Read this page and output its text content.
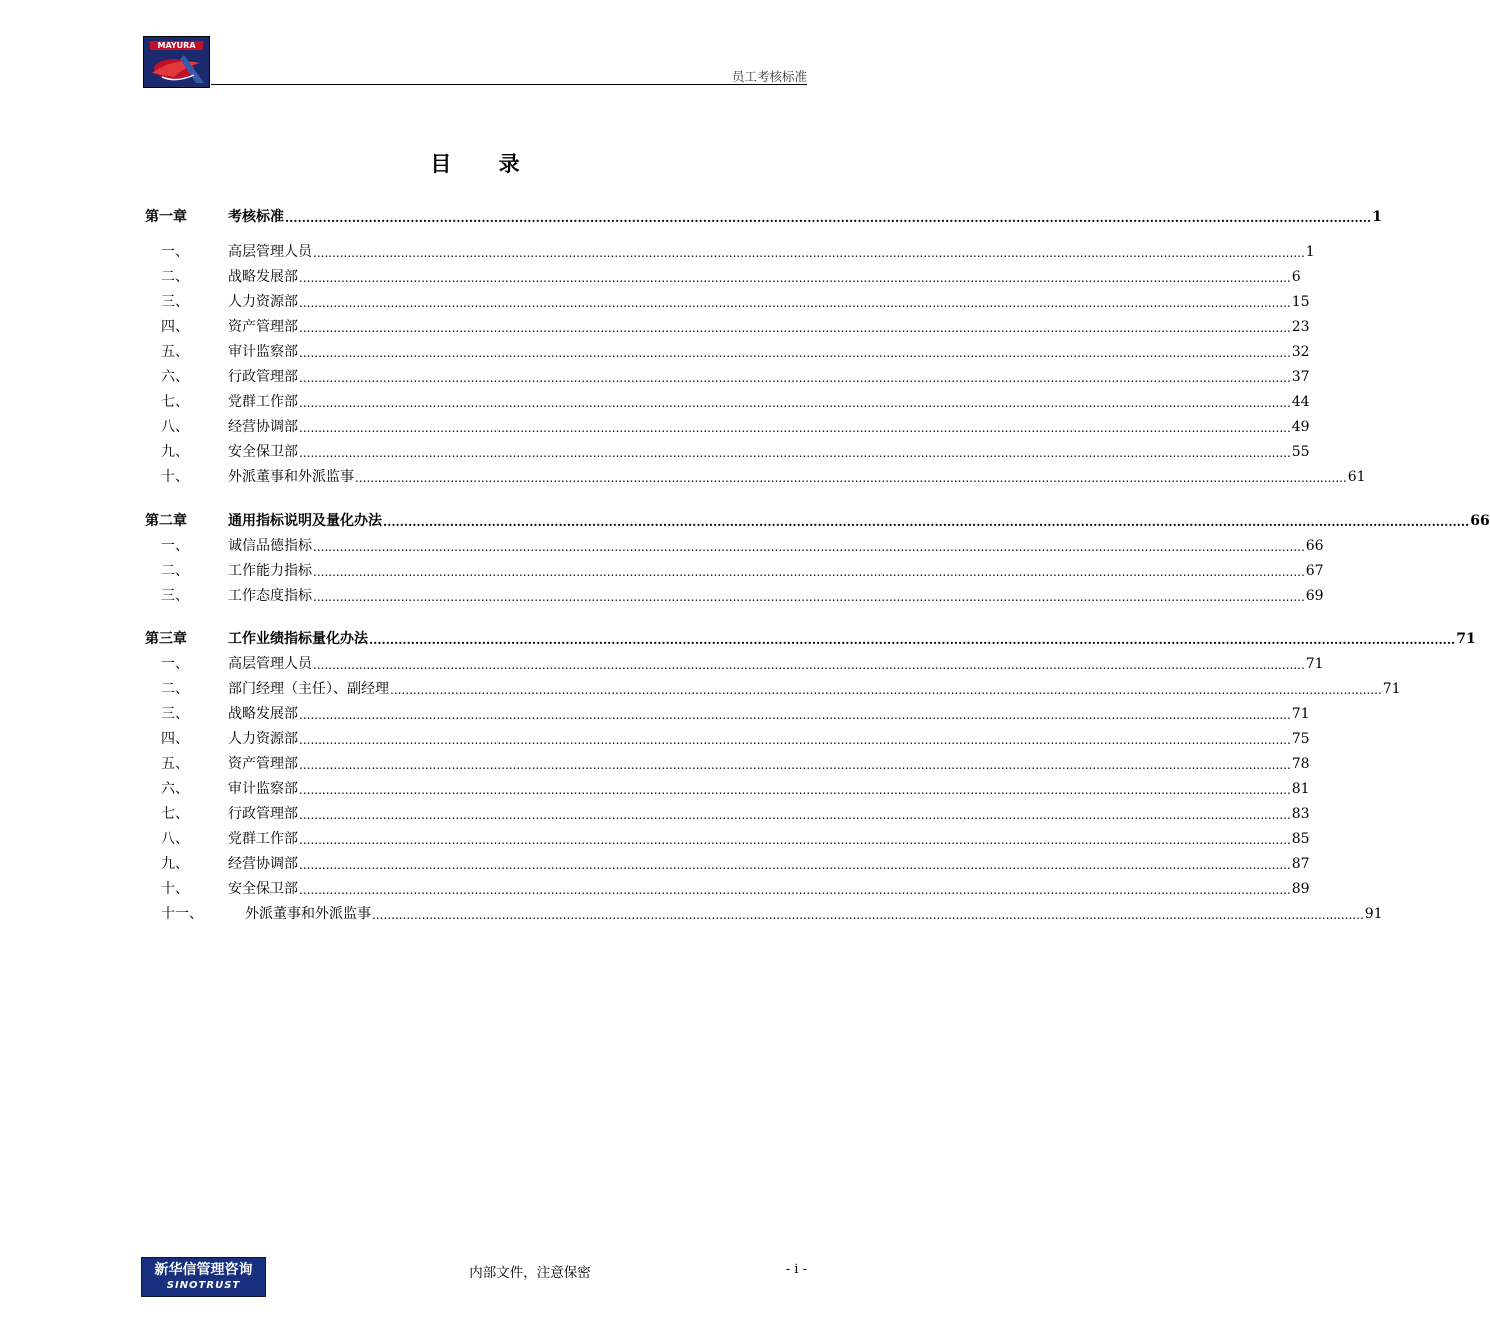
MAYURA
员工考核标准
目 录
第一章	考核标准 .................................................................................................................................................................................................................................................................... 1
一、	高层管理人员 .................................................................................................................................................................................................................................................................... 1
二、	战略发展部 .................................................................................................................................................................................................................................................................... 6
三、	人力资源部 .................................................................................................................................................................................................................................................................... 15
四、	资产管理部 .................................................................................................................................................................................................................................................................... 23
五、	审计监察部 .................................................................................................................................................................................................................................................................... 32
六、	行政管理部 .................................................................................................................................................................................................................................................................... 37
七、	党群工作部 .................................................................................................................................................................................................................................................................... 44
八、	经营协调部 .................................................................................................................................................................................................................................................................... 49
九、	安全保卫部 .................................................................................................................................................................................................................................................................... 55
十、	外派董事和外派监事 .................................................................................................................................................................................................................................................................... 61
第二章	通用指标说明及量化办法 .................................................................................................................................................................................................................................................................... 66
一、	诚信品德指标 .................................................................................................................................................................................................................................................................... 66
二、	工作能力指标 .................................................................................................................................................................................................................................................................... 67
三、	工作态度指标 .................................................................................................................................................................................................................................................................... 69
第三章	工作业绩指标量化办法 .................................................................................................................................................................................................................................................................... 71
一、	高层管理人员 .................................................................................................................................................................................................................................................................... 71
二、	部门经理（主任）、副经理 .................................................................................................................................................................................................................................................................... 71
三、	战略发展部 .................................................................................................................................................................................................................................................................... 71
四、	人力资源部 .................................................................................................................................................................................................................................................................... 75
五、	资产管理部 .................................................................................................................................................................................................................................................................... 78
六、	审计监察部 .................................................................................................................................................................................................................................................................... 81
七、	行政管理部 .................................................................................................................................................................................................................................................................... 83
八、	党群工作部 .................................................................................................................................................................................................................................................................... 85
九、	经营协调部 .................................................................................................................................................................................................................................................................... 87
十、	安全保卫部 .................................................................................................................................................................................................................................................................... 89
十一、	外派董事和外派监事 .................................................................................................................................................................................................................................................................... 91
新华信管理咨询
SINOTRUST
内部文件，注意保密	- i -
